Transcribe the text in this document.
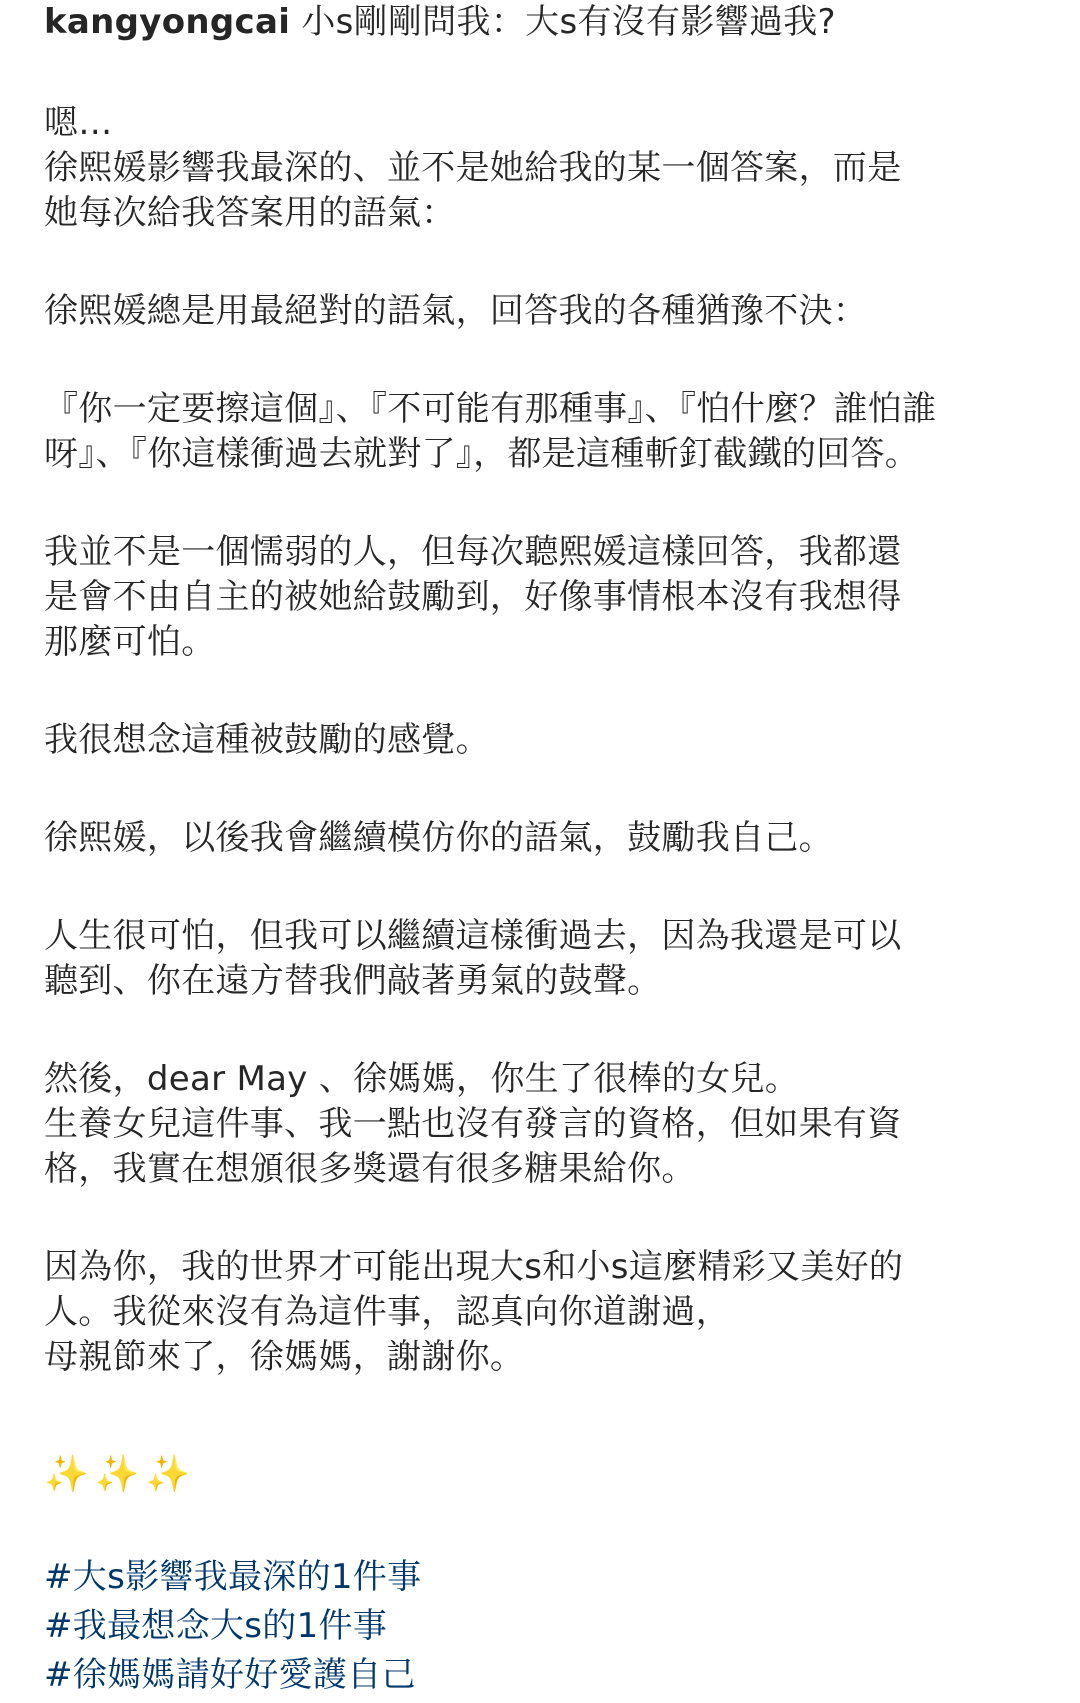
kangyongcai 小s剛剛問我：大s有沒有影響過我?
嗯…
徐熙媛影響我最深的、並不是她給我的某一個答案，而是
她每次給我答案用的語氣：
徐熙媛總是用最絕對的語氣，回答我的各種猶豫不決：
『你一定要擦這個』、『不可能有那種事』、『怕什麼？誰怕誰
呀』、『你這樣衝過去就對了』，都是這種斬釘截鐵的回答。
我並不是一個懦弱的人，但每次聽熙媛這樣回答，我都還
是會不由自主的被她給鼓勵到，好像事情根本沒有我想得
那麼可怕。
我很想念這種被鼓勵的感覺。
徐熙媛，以後我會繼續模仿你的語氣，鼓勵我自己。
人生很可怕，但我可以繼續這樣衝過去，因為我還是可以
聽到、你在遠方替我們敲著勇氣的鼓聲。
然後，dear May 、徐媽媽，你生了很棒的女兒。
生養女兒這件事、我一點也沒有發言的資格，但如果有資
格，我實在想頒很多獎還有很多糖果給你。
因為你，我的世界才可能出現大s和小s這麼精彩又美好的
人。我從來沒有為這件事，認真向你道謝過，
母親節來了，徐媽媽，謝謝你。
✨✨✨
#大s影響我最深的1件事
#我最想念大s的1件事
#徐媽媽請好好愛護自己
